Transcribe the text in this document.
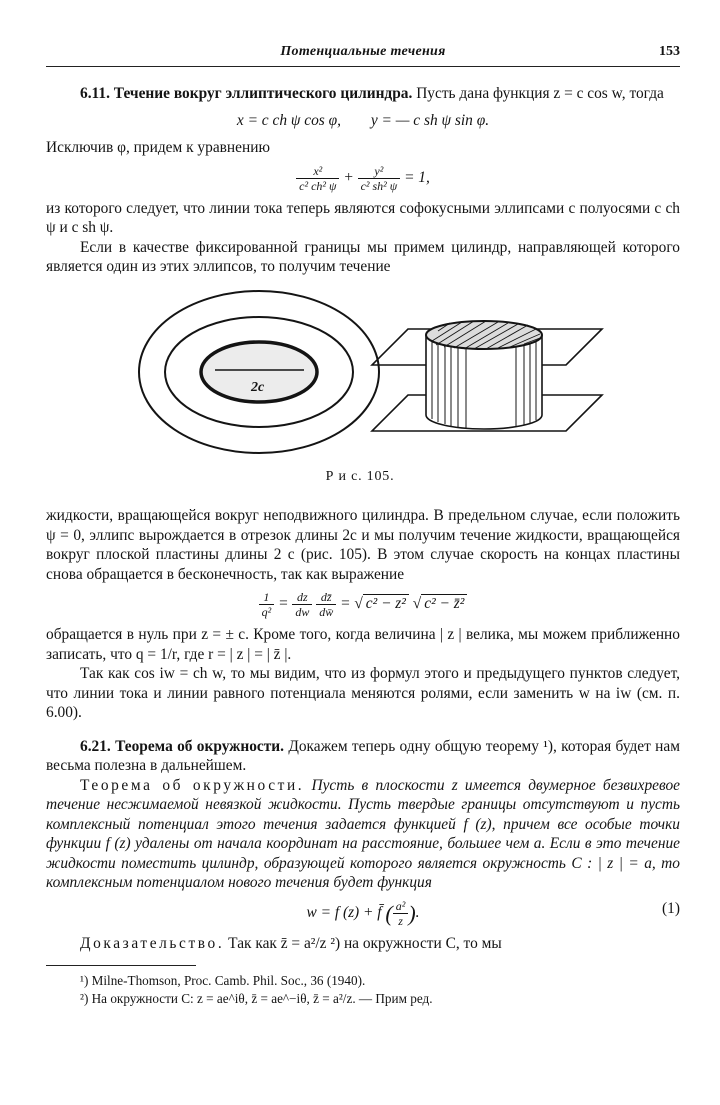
Потенциальные течения	153

6.11. Течение вокруг эллиптического цилиндра. Пусть дана функция z = c cos w, тогда

x = c ch ψ cos φ, y = — c sh ψ sin φ.

Исключив φ, придем к уравнению

$\frac{\text{x²}}{\text{c² ch² ψ}} + \frac{\text{y²}}{\text{c² sh² ψ}} = 1$,

из которого следует, что линии тока теперь являются софокусными эллипсами с полуосями c ch ψ и c sh ψ.

Если в качестве фиксированной границы мы примем цилиндр, направляющей которого является один из этих эллипсов, то получим течение

2c
Р и с. 105.

жидкости, вращающейся вокруг неподвижного цилиндра. В предельном случае, если положить ψ = 0, эллипс вырождается в отрезок длины 2c и мы получим течение жидкости, вращающейся вокруг плоской пластины длины 2 c (рис. 105). В этом случае скорость на концах пластины снова обращается в бесконечность, так как выражение

$\frac{1}{\text{q²}} = \frac{dz}{dw}$
$\frac{dz̄}{dw̄}$ = √ c² − z² √ c² − z̄²

обращается в нуль при z = ± c. Кроме того, когда величина | z | велика, мы можем приближенно записать, что q = 1/r, где r = | z | = | z̄ |.

Так как cos iw = ch w, то мы видим, что из формул этого и предыдущего пунктов следует, что линии тока и линии равного потенциала меняются ролями, если заменить w на iw (см. п. 6.00).

6.21. Теорема об окружности. Докажем теперь одну общую теорему ¹), которая будет нам весьма полезна в дальнейшем.

Теорема об окружности. Пусть в плоскости z имеется двумерное безвихревое течение несжимаемой невязкой жидкости. Пусть твердые границы отсутствуют и пусть комплексный потенциал этого течения задается функцией f (z), причем все особые точки функции f (z) удалены от начала координат на расстояние, большее чем a. Если в это течение жидкости поместить цилиндр, образующей которого является окружность C : | z | = a, то комплексным потенциалом нового течения будет функция

w = f (z) + f̄ ( $\frac{\text{a²}}{z}$ ).	(1)

Доказательство. Так как z̄ = a²/z ²) на окружности C, то мы

¹) Milne-Thomson, Proc. Camb. Phil. Soc., 36 (1940).

²) На окружности C: z = ae^iθ, z̄ = ae^−iθ, z̄ = a²/z. — Прим ред.
